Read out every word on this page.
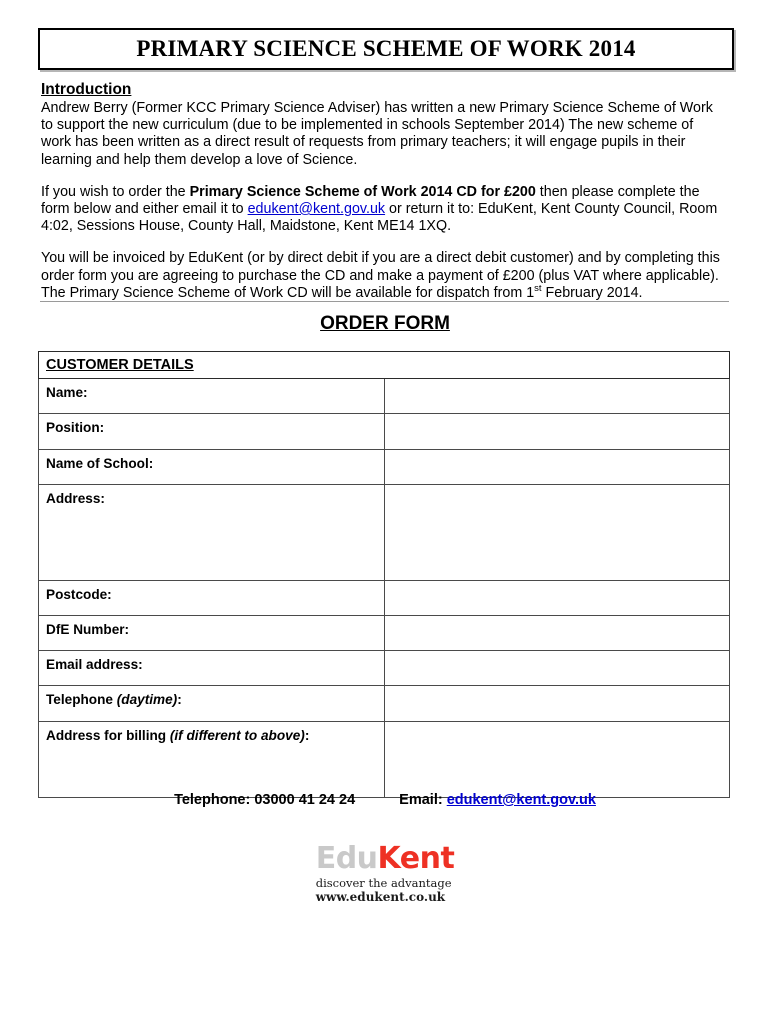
PRIMARY SCIENCE SCHEME OF WORK 2014
Introduction

Andrew Berry (Former KCC Primary Science Adviser) has written a new Primary Science Scheme of Work to support the new curriculum (due to be implemented in schools September 2014) The new scheme of work has been written as a direct result of requests from primary teachers; it will engage pupils in their learning and help them develop a love of Science.

If you wish to order the Primary Science Scheme of Work 2014 CD for £200 then please complete the form below and either email it to edukent@kent.gov.uk or return it to: EduKent, Kent County Council, Room 4:02, Sessions House, County Hall, Maidstone, Kent ME14 1XQ.

You will be invoiced by EduKent (or by direct debit if you are a direct debit customer) and by completing this order form you are agreeing to purchase the CD and make a payment of £200 (plus VAT where applicable). The Primary Science Scheme of Work CD will be available for dispatch from 1st February 2014.

ORDER FORM
CUSTOMER DETAILS	

Name:	

Position:	

Name of School:	

Address:	

Postcode:	

DfE Number:	

Email address:	

Telephone (daytime):	

Address for billing (if different to above):	

Telephone: 03000 41 24 24	Email: edukent@kent.gov.uk
EduKent
discover the advantage
www.edukent.co.uk
